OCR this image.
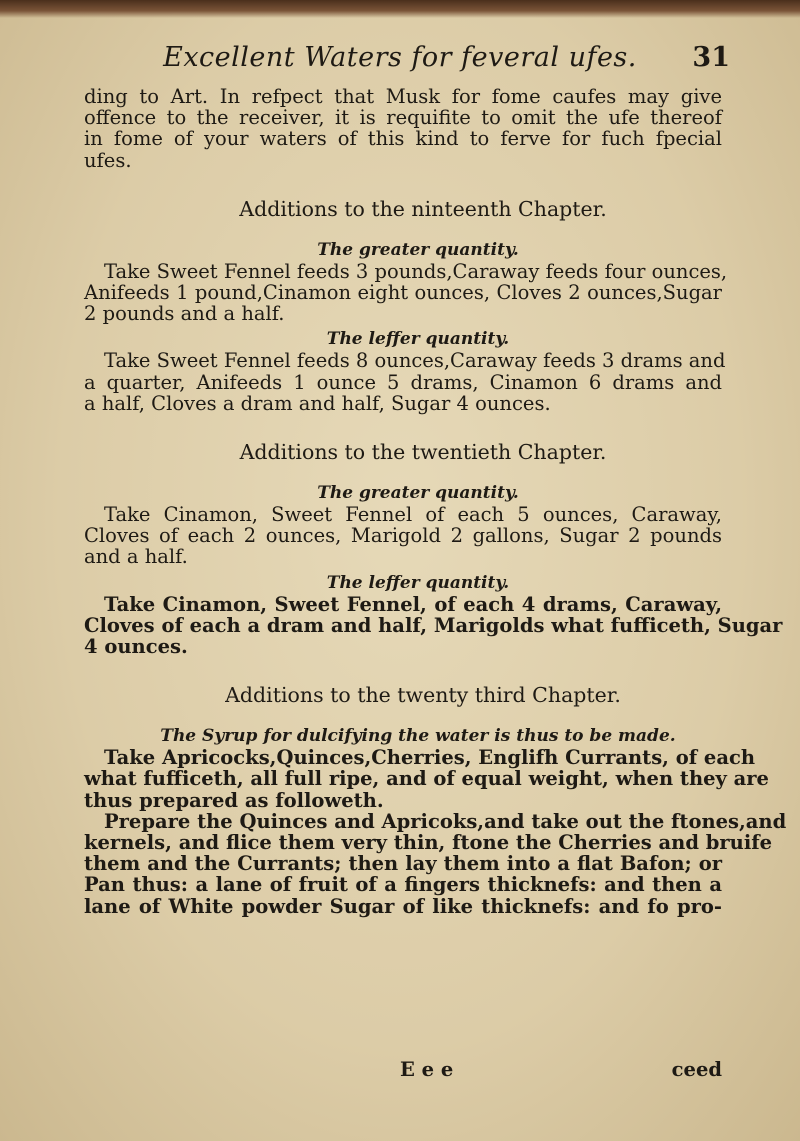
Excellent Waters for feveral ufes.	31
ding to Art. In refpect that Musk for fome caufes may give
offence to the receiver, it is requifite to omit the ufe thereof
in fome of your waters of this kind to ferve for fuch fpecial
ufes.
Additions to the ninteenth Chapter.
The greater quantity.
Take Sweet Fennel feeds 3 pounds,Caraway feeds four ounces,
Anifeeds 1 pound,Cinamon eight ounces, Cloves 2 ounces,Sugar
2 pounds and a half.
The leffer quantity.
Take Sweet Fennel feeds 8 ounces,Caraway feeds 3 drams and
a quarter, Anifeeds 1 ounce 5 drams, Cinamon 6 drams and
a half, Cloves a dram and half, Sugar 4 ounces.
Additions to the twentieth Chapter.
The greater quantity.
Take Cinamon, Sweet Fennel of each 5 ounces, Caraway,
Cloves of each 2 ounces, Marigold 2 gallons, Sugar 2 pounds
and a half.
The leffer quantity.
Take Cinamon, Sweet Fennel, of each 4 drams, Caraway,
Cloves of each a dram and half, Marigolds what fufficeth, Sugar
4 ounces.
Additions to the twenty third Chapter.
The Syrup for dulcifying the water is thus to be made.
Take Apricocks,Quinces,Cherries, Englifh Currants, of each
what fufficeth, all full ripe, and of equal weight, when they are
thus prepared as followeth.
Prepare the Quinces and Apricoks,and take out the ftones,and
kernels, and flice them very thin, ftone the Cherries and bruife
them and the Currants; then lay them into a flat Bafon; or
Pan thus: a lane of fruit of a fingers thicknefs: and then a
lane of White powder Sugar of like thicknefs: and fo pro-
E e e	ceed
